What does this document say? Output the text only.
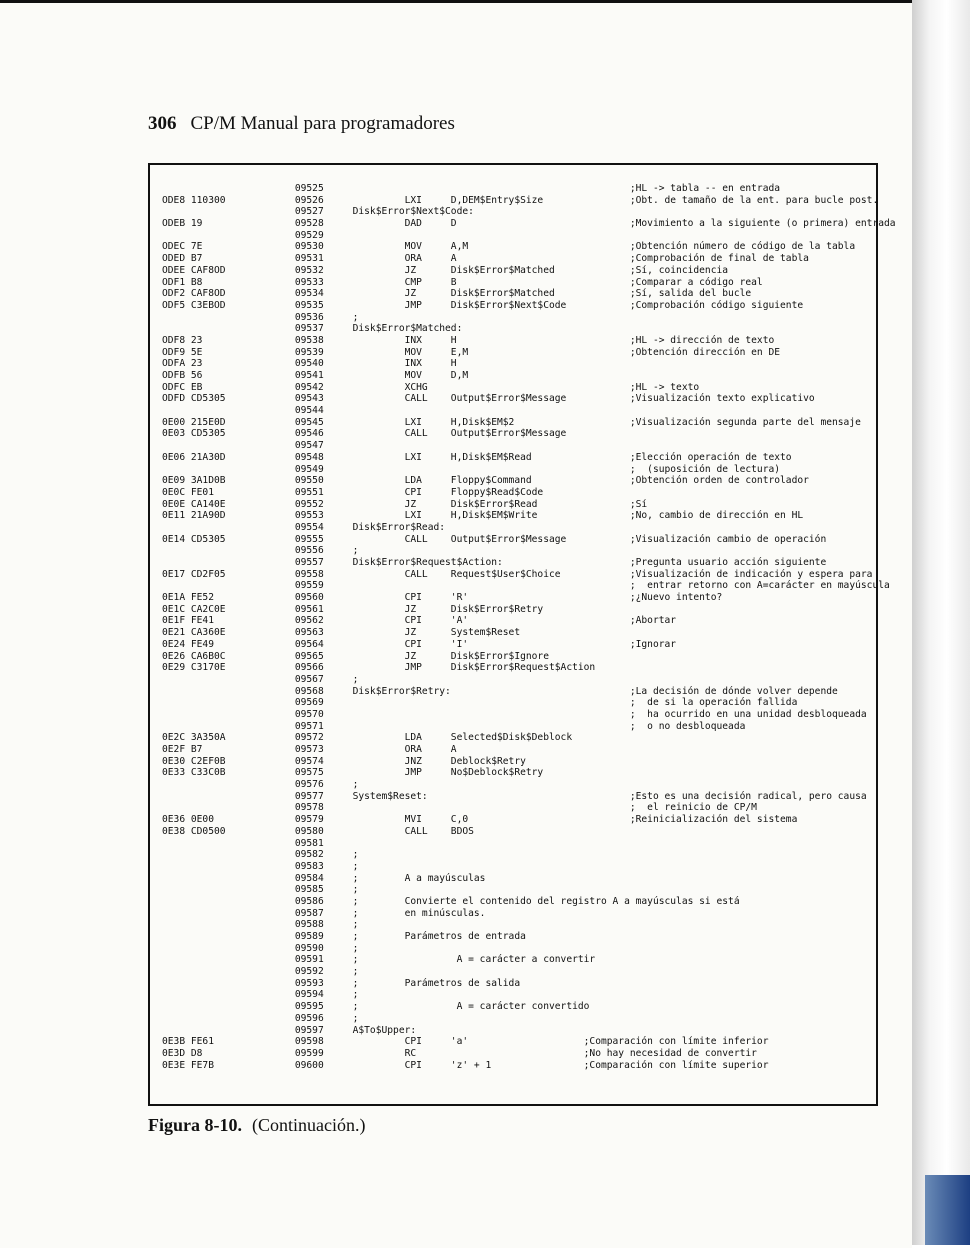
306 CP/M Manual para programadores
09525                                                     ;HL -> tabla -- en entrada
ODE8 110300            09526              LXI     D,DEM$Entry$Size               ;Obt. de tamaño de la ent. para bucle post.
09527     Disk$Error$Next$Code:
ODEB 19                09528              DAD     D                              ;Movimiento a la siguiente (o primera) entrada
09529
ODEC 7E                09530              MOV     A,M                            ;Obtención número de código de la tabla
ODED B7                09531              ORA     A                              ;Comprobación de final de tabla
ODEE CAF8OD            09532              JZ      Disk$Error$Matched             ;Sí, coincidencia
ODF1 B8                09533              CMP     B                              ;Comparar a código real
ODF2 CAF8OD            09534              JZ      Disk$Error$Matched             ;Sí, salida del bucle
ODF5 C3EBOD            09535              JMP     Disk$Error$Next$Code           ;Comprobación código siguiente
09536     ;
09537     Disk$Error$Matched:
ODF8 23                09538              INX     H                              ;HL -> dirección de texto
ODF9 5E                09539              MOV     E,M                            ;Obtención dirección en DE
ODFA 23                09540              INX     H
ODFB 56                09541              MOV     D,M
ODFC EB                09542              XCHG                                   ;HL -> texto
ODFD CD5305            09543              CALL    Output$Error$Message           ;Visualización texto explicativo
09544
0E00 215E0D            09545              LXI     H,Disk$EM$2                    ;Visualización segunda parte del mensaje
0E03 CD5305            09546              CALL    Output$Error$Message
09547
0E06 21A30D            09548              LXI     H,Disk$EM$Read                 ;Elección operación de texto
09549                                                     ;  (suposición de lectura)
0E09 3A1D0B            09550              LDA     Floppy$Command                 ;Obtención orden de controlador
0E0C FE01              09551              CPI     Floppy$Read$Code
0E0E CA140E            09552              JZ      Disk$Error$Read                ;Sí
0E11 21A90D            09553              LXI     H,Disk$EM$Write                ;No, cambio de dirección en HL
09554     Disk$Error$Read:
0E14 CD5305            09555              CALL    Output$Error$Message           ;Visualización cambio de operación
09556     ;
09557     Disk$Error$Request$Action:                      ;Pregunta usuario acción siguiente
0E17 CD2F05            09558              CALL    Request$User$Choice            ;Visualización de indicación y espera para
09559                                                     ;  entrar retorno con A=carácter en mayúscula
0E1A FE52              09560              CPI     'R'                            ;¿Nuevo intento?
0E1C CA2C0E            09561              JZ      Disk$Error$Retry
0E1F FE41              09562              CPI     'A'                            ;Abortar
0E21 CA360E            09563              JZ      System$Reset
0E24 FE49              09564              CPI     'I'                            ;Ignorar
0E26 CA6B0C            09565              JZ      Disk$Error$Ignore
0E29 C3170E            09566              JMP     Disk$Error$Request$Action
09567     ;
09568     Disk$Error$Retry:                               ;La decisión de dónde volver depende
09569                                                     ;  de si la operación fallida
09570                                                     ;  ha ocurrido en una unidad desbloqueada
09571                                                     ;  o no desbloqueada
0E2C 3A350A            09572              LDA     Selected$Disk$Deblock
0E2F B7                09573              ORA     A
0E30 C2EF0B            09574              JNZ     Deblock$Retry
0E33 C33C0B            09575              JMP     No$Deblock$Retry
09576     ;
09577     System$Reset:                                   ;Esto es una decisión radical, pero causa
09578                                                     ;  el reinicio de CP/M
0E36 0E00              09579              MVI     C,0                            ;Reinicialización del sistema
0E38 CD0500            09580              CALL    BDOS
09581
09582     ;
09583     ;
09584     ;        A a mayúsculas
09585     ;
09586     ;        Convierte el contenido del registro A a mayúsculas si está
09587     ;        en minúsculas.
09588     ;
09589     ;        Parámetros de entrada
09590     ;
09591     ;                 A = carácter a convertir
09592     ;
09593     ;        Parámetros de salida
09594     ;
09595     ;                 A = carácter convertido
09596     ;
09597     A$To$Upper:
0E3B FE61              09598              CPI     'a'                    ;Comparación con límite inferior
0E3D D8                09599              RC                             ;No hay necesidad de convertir
0E3E FE7B              09600              CPI     'z' + 1                ;Comparación con límite superior

Figura 8-10. (Continuación.)
